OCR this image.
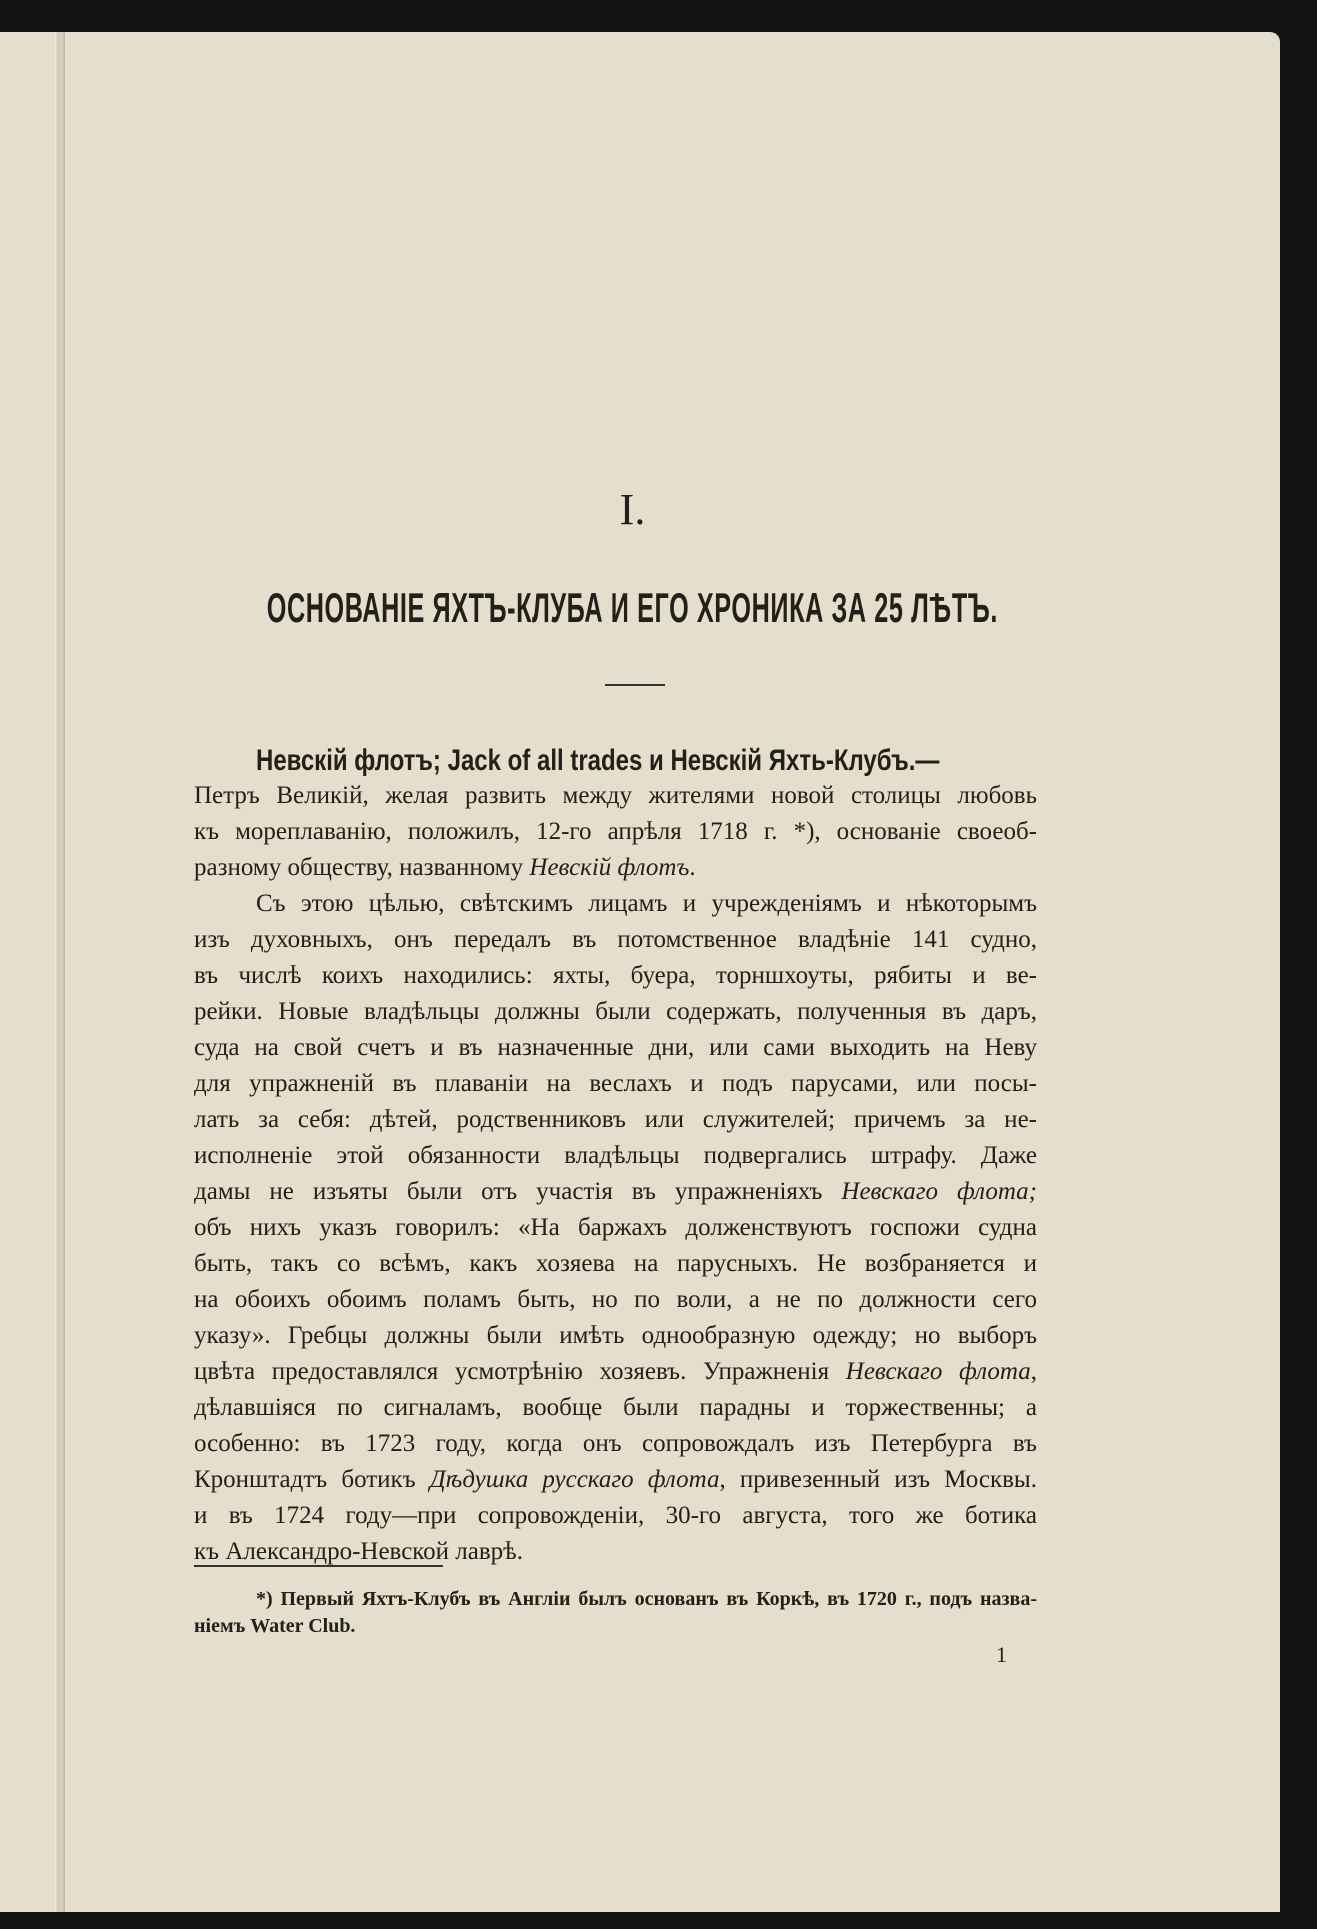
I.
ОСНОВАНІЕ ЯХТЪ-КЛУБА И ЕГО ХРОНИКА ЗА 25 ЛѢТЪ.
Невскій флотъ; Jack of all trades и Невскій Яхть-Клубъ.—
Петръ Великій, желая развить между жителями новой столицы любовь
къ мореплаванію, положилъ, 12-го апрѣля 1718 г. *), основаніе своеоб-
разному обществу, названному Невскій флотъ.
Съ этою цѣлью, свѣтскимъ лицамъ и учрежденіямъ и нѣкоторымъ
изъ духовныхъ, онъ передалъ въ потомственное владѣніе 141 судно,
въ числѣ коихъ находились: яхты, буера, торншхоуты, рябиты и ве-
рейки. Новые владѣльцы должны были содержать, полученныя въ даръ,
суда на свой счетъ и въ назначенные дни, или сами выходить на Неву
для упражненій въ плаваніи на веслахъ и подъ парусами, или посы-
лать за себя: дѣтей, родственниковъ или служителей; причемъ за не-
исполненіе этой обязанности владѣльцы подвергались штрафу. Даже
дамы не изъяты были отъ участія въ упражненіяхъ Невскаго флота;
объ нихъ указъ говорилъ: «На баржахъ долженствуютъ госпожи судна
быть, такъ со всѣмъ, какъ хозяева на парусныхъ. Не возбраняется и
на обоихъ обоимъ поламъ быть, но по воли, а не по должности сего
указу». Гребцы должны были имѣть однообразную одежду; но выборъ
цвѣта предоставлялся усмотрѣнію хозяевъ. Упражненія Невскаго флота,
дѣлавшіяся по сигналамъ, вообще были парадны и торжественны; а
особенно: въ 1723 году, когда онъ сопровождалъ изъ Петербурга въ
Кронштадтъ ботикъ Дѣдушка русскаго флота, привезенный изъ Москвы.
и въ 1724 году—при сопровожденіи, 30-го августа, того же ботика
къ Александро-Невской лаврѣ.
*) Первый Яхтъ-Клубъ въ Англіи былъ основанъ въ Коркѣ, въ 1720 г., подъ назва-
ніемъ Water Club.
1
